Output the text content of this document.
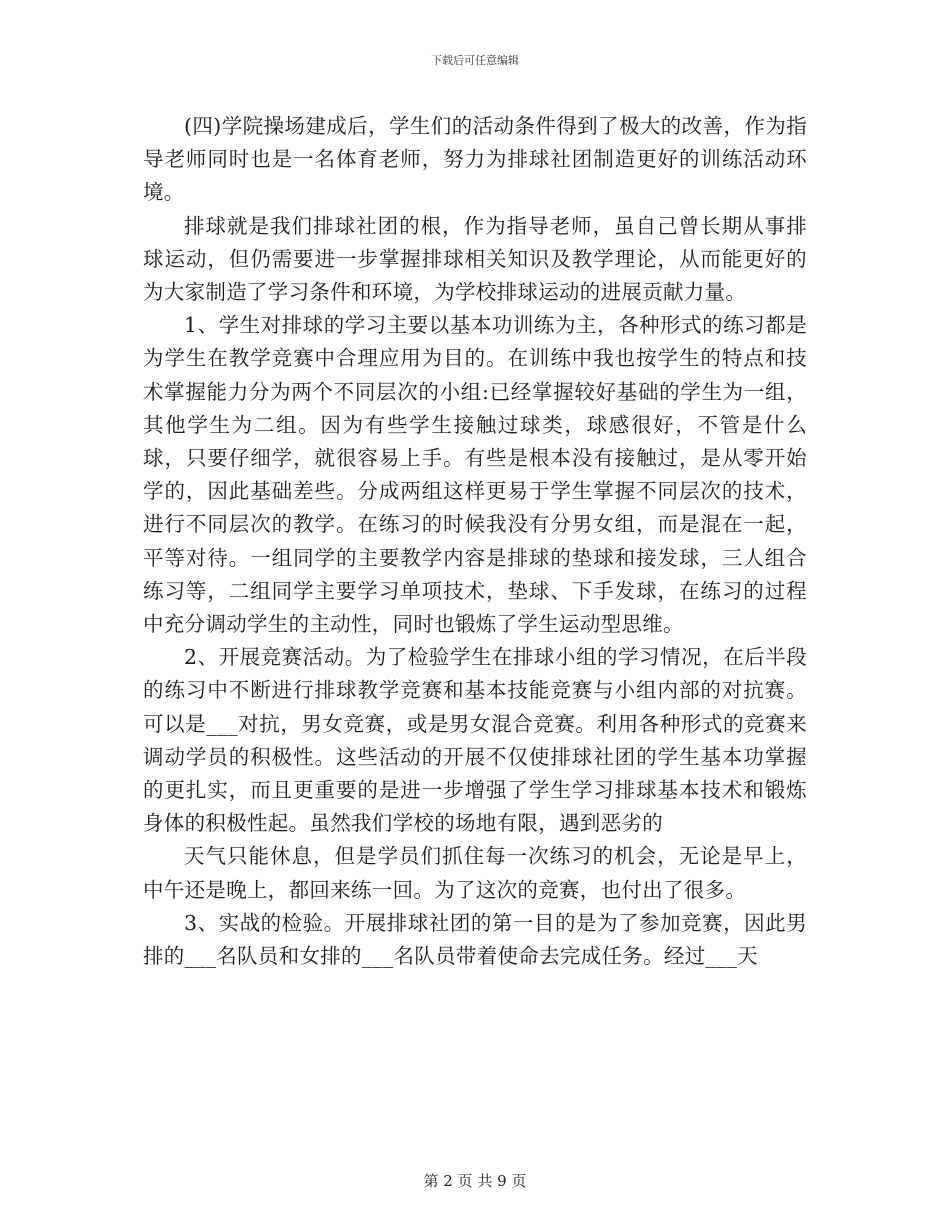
下载后可任意编辑

(四)学院操场建成后，学生们的活动条件得到了极大的改善，作为指导老师同时也是一名体育老师，努力为排球社团制造更好的训练活动环境。

排球就是我们排球社团的根，作为指导老师，虽自己曾长期从事排球运动，但仍需要进一步掌握排球相关知识及教学理论，从而能更好的为大家制造了学习条件和环境，为学校排球运动的进展贡献力量。

1、学生对排球的学习主要以基本功训练为主，各种形式的练习都是为学生在教学竞赛中合理应用为目的。在训练中我也按学生的特点和技术掌握能力分为两个不同层次的小组:已经掌握较好基础的学生为一组，其他学生为二组。因为有些学生接触过球类，球感很好，不管是什么球，只要仔细学，就很容易上手。有些是根本没有接触过，是从零开始学的，因此基础差些。分成两组这样更易于学生掌握不同层次的技术，进行不同层次的教学。在练习的时候我没有分男女组，而是混在一起，平等对待。一组同学的主要教学内容是排球的垫球和接发球，三人组合练习等，二组同学主要学习单项技术，垫球、下手发球，在练习的过程中充分调动学生的主动性，同时也锻炼了学生运动型思维。

2、开展竞赛活动。为了检验学生在排球小组的学习情况，在后半段的练习中不断进行排球教学竞赛和基本技能竞赛与小组内部的对抗赛。可以是___对抗，男女竞赛，或是男女混合竞赛。利用各种形式的竞赛来调动学员的积极性。这些活动的开展不仅使排球社团的学生基本功掌握的更扎实，而且更重要的是进一步增强了学生学习排球基本技术和锻炼身体的积极性起。虽然我们学校的场地有限，遇到恶劣的

天气只能休息，但是学员们抓住每一次练习的机会，无论是早上，中午还是晚上，都回来练一回。为了这次的竞赛，也付出了很多。

3、实战的检验。开展排球社团的第一目的是为了参加竞赛，因此男排的___名队员和女排的___名队员带着使命去完成任务。经过___天

第 2 页 共 9 页
